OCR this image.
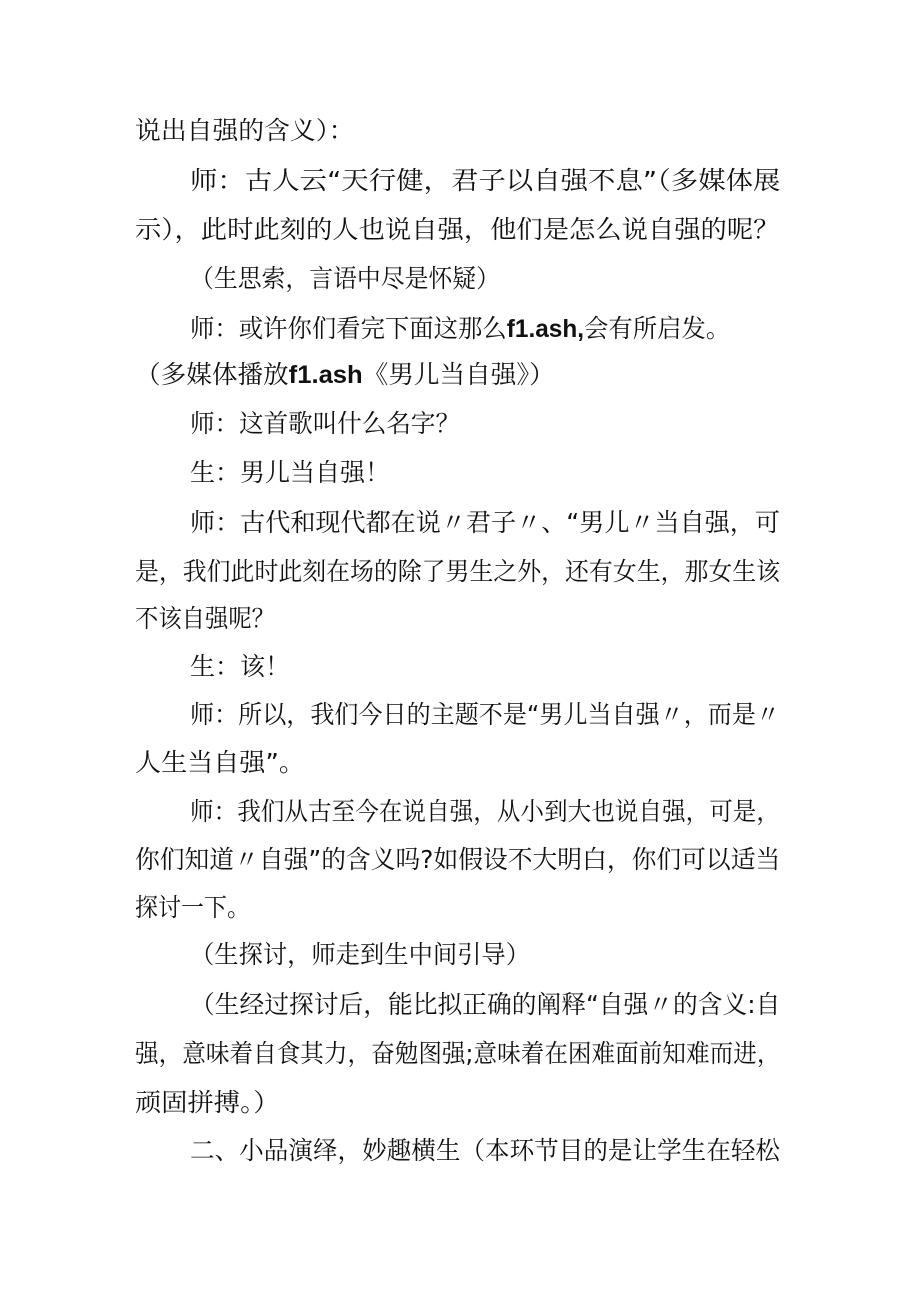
说出自强的含义）：
师：古人云“天行健，君子以自强不息”（多媒体展
示），此时此刻的人也说自强，他们是怎么说自强的呢？
（生思索，言语中尽是怀疑）
师：或许你们看完下面这那么f1.ash,会有所启发。
（多媒体播放f1.ash《男儿当自强》）
师：这首歌叫什么名字？
生：男儿当自强！
师：古代和现代都在说〃君子〃、“男儿〃当自强，可
是，我们此时此刻在场的除了男生之外，还有女生，那女生该
不该自强呢？
生：该！
师：所以，我们今日的主题不是“男儿当自强〃，而是〃
人生当自强”。
师：我们从古至今在说自强，从小到大也说自强，可是，
你们知道〃自强”的含义吗?如假设不大明白，你们可以适当
探讨一下。
（生探讨，师走到生中间引导）
（生经过探讨后，能比拟正确的阐释“自强〃的含义:自
强，意味着自食其力，奋勉图强;意味着在困难面前知难而进，
顽固拼搏。）
二、小品演绎，妙趣横生（本环节目的是让学生在轻松
